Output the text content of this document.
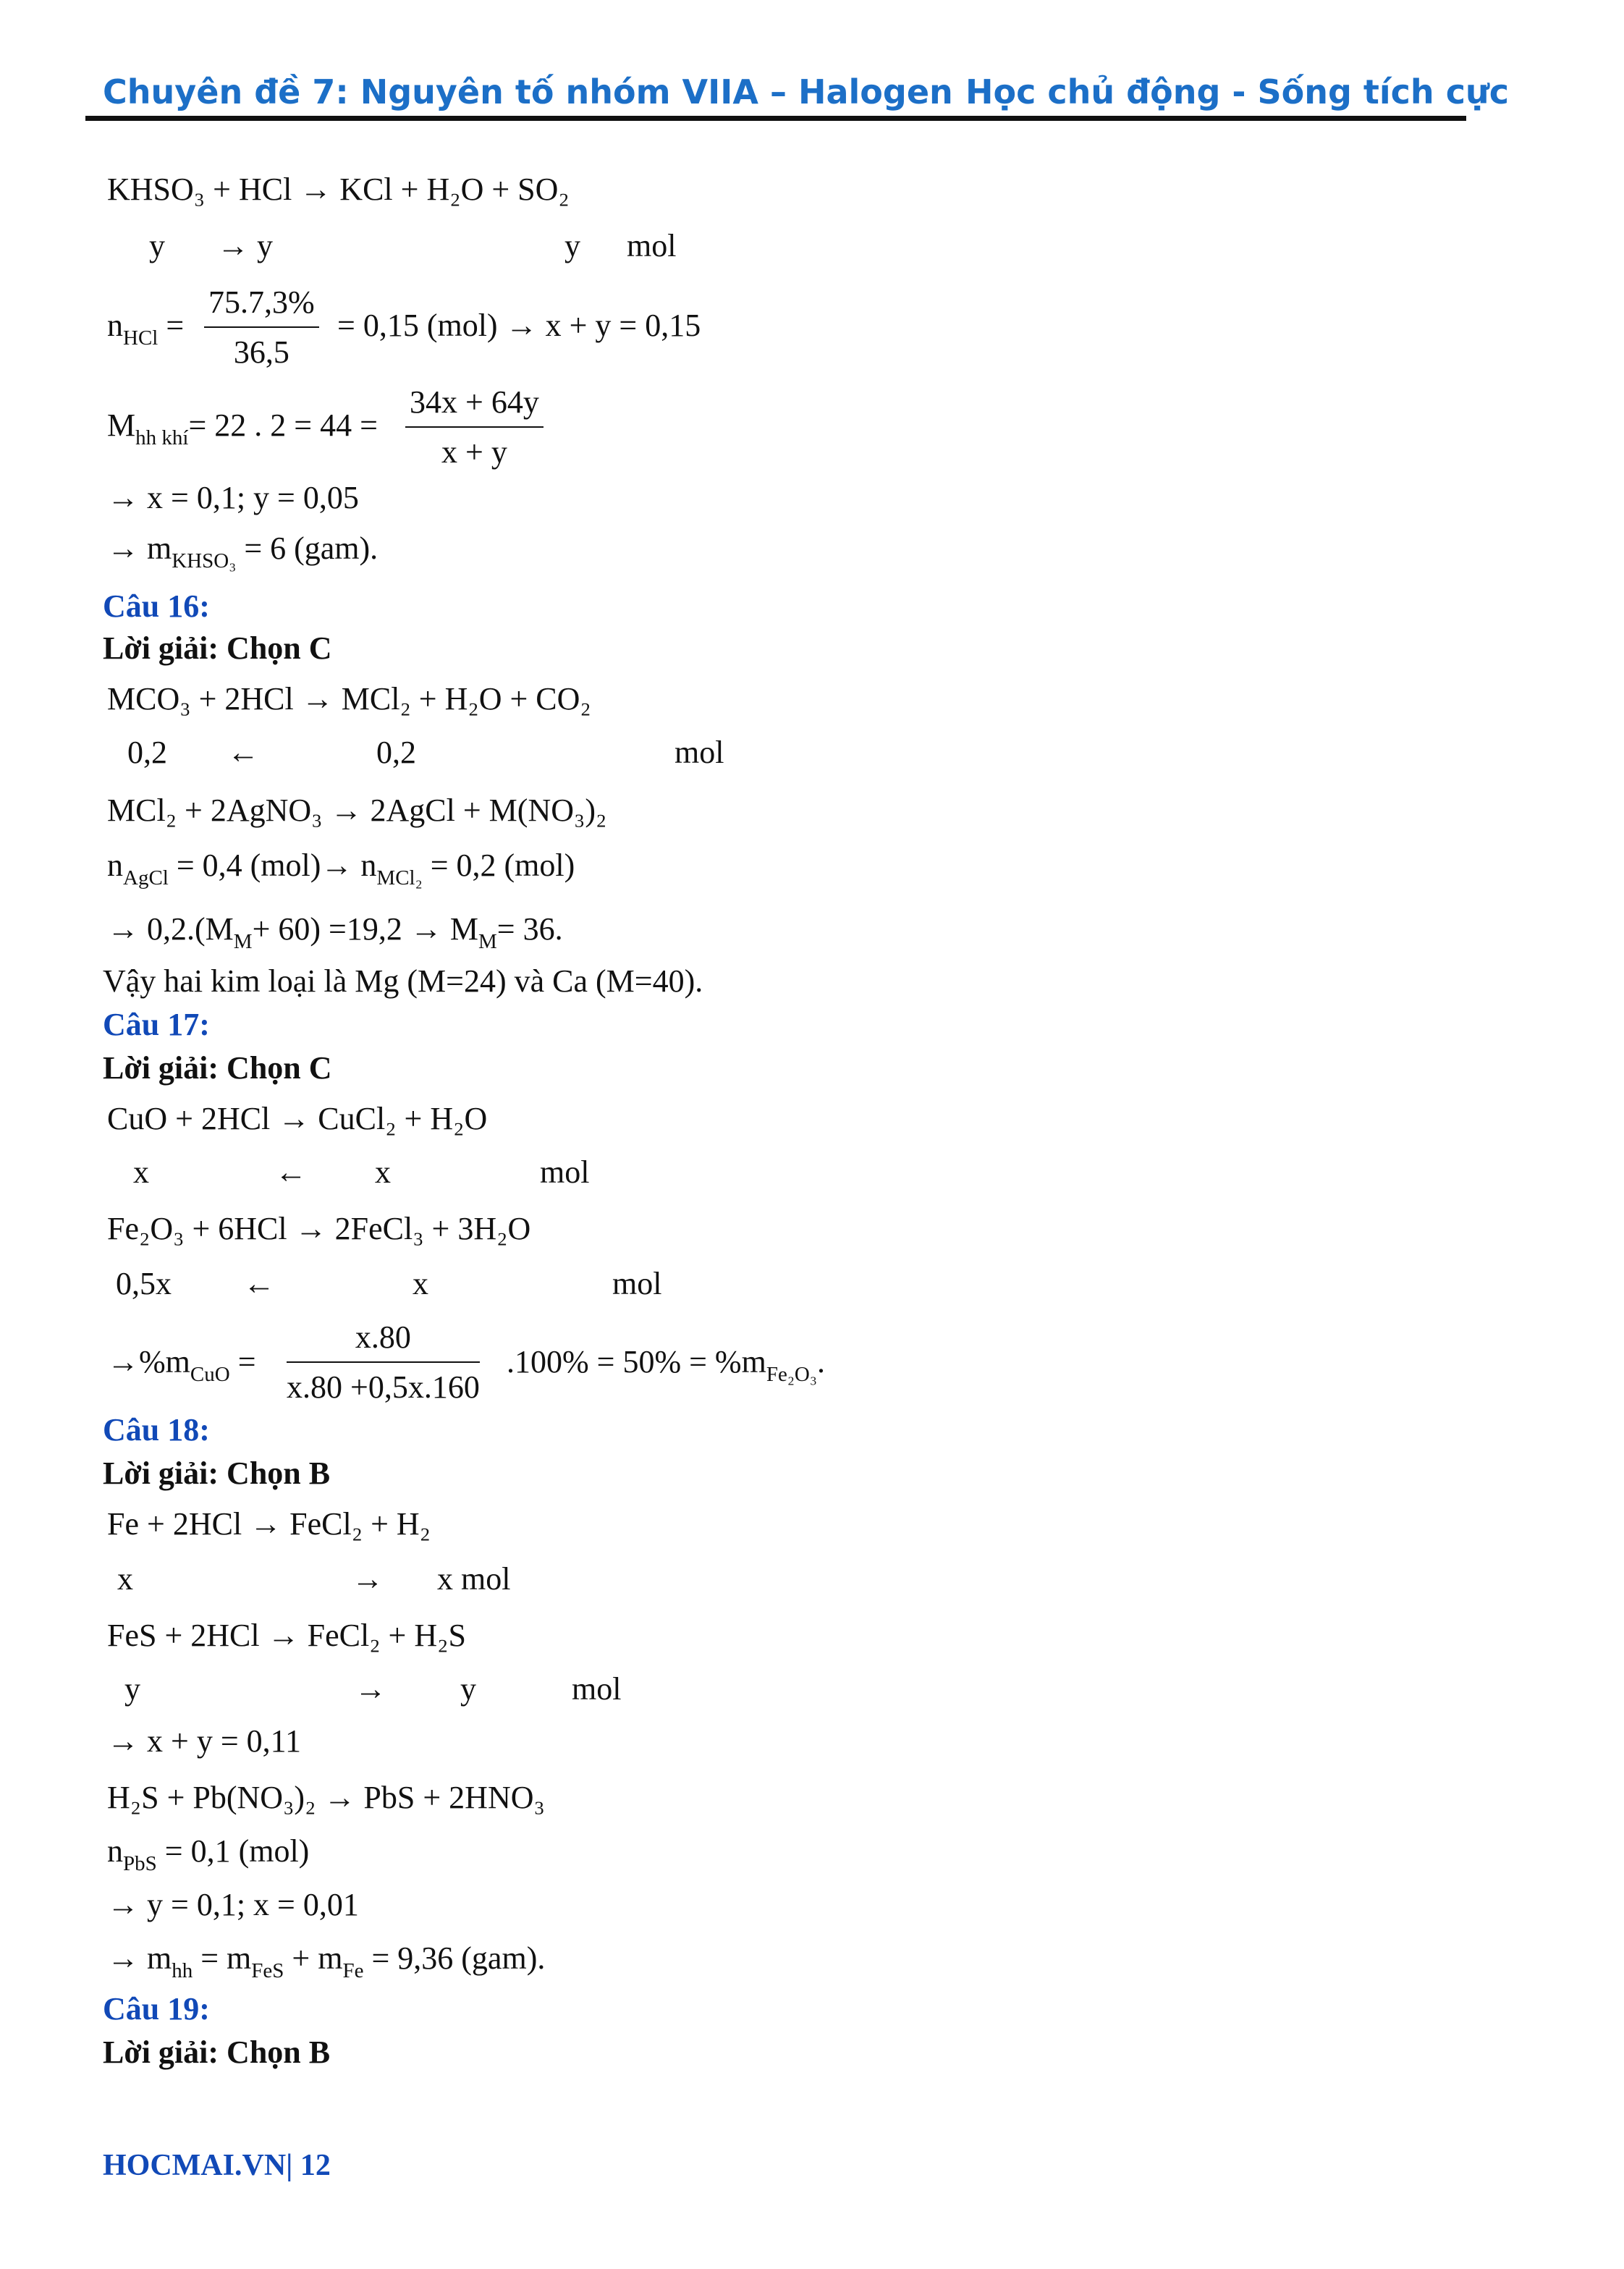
Chuyên đề 7: Nguyên tố nhóm VIIA – Halogen Học chủ động - Sống tích cực
KHSO₃ + HCl → KCl + H₂O + SO₂
y → y	y mol
$n_{HCl} = \frac{75.7,3\%}{36,5} = 0,15$ (mol) → x + y = 0,15
$M_{hh khí}= 22$ . $2 = 44 = \frac{34x + 64y}{x + y}$
→ x = 0,1; y = 0,05
→ $m_{KHSO_3} = 6$ (gam).
Câu 16:
Lời giải: Chọn C
MCO₃ + 2HCl → MCl₂ + H₂O + CO₂
0,2 ←	0,2	mol
MCl₂ + 2AgNO₃ → 2AgCl + M(NO₃)₂
$n_{AgCl} = 0,4$ $(mol)\to n_{MCl_2} = 0,2$ (mol)
→ $0,2.(M_M+ 60) =19,2 \to M_M= 36$.
Vậy hai kim loại là Mg (M=24) và Ca (M=40).
Câu 17:
Lời giải: Chọn C
CuO + 2HCl → CuCl₂ + H₂O
x	← x	mol
Fe₂O₃ + 6HCl → 2FeCl₃ + 3H₂O
0,5x ←	x	mol
$\to\%m_{CuO} = \frac{x.80}{x.80 +0,5x.160} .100\% = 50\% = \%m_{Fe_2O_3}$.
Câu 18:
Lời giải: Chọn B
Fe + 2HCl → FeCl₂ + H₂
x	→ x mol
FeS + 2HCl → FeCl₂ + H₂S
y	→ y	mol
→ x + y = 0,11
H₂S + Pb(NO₃)₂ → PbS + 2HNO₃
$n_{PbS} = 0,1$ (mol)
→ y = 0,1; x = 0,01
→ $m_{hh} = m_{FeS} + m_{Fe} = 9,36$ (gam).
Câu 19:
Lời giải: Chọn B
HOCMAI.VN| 12
